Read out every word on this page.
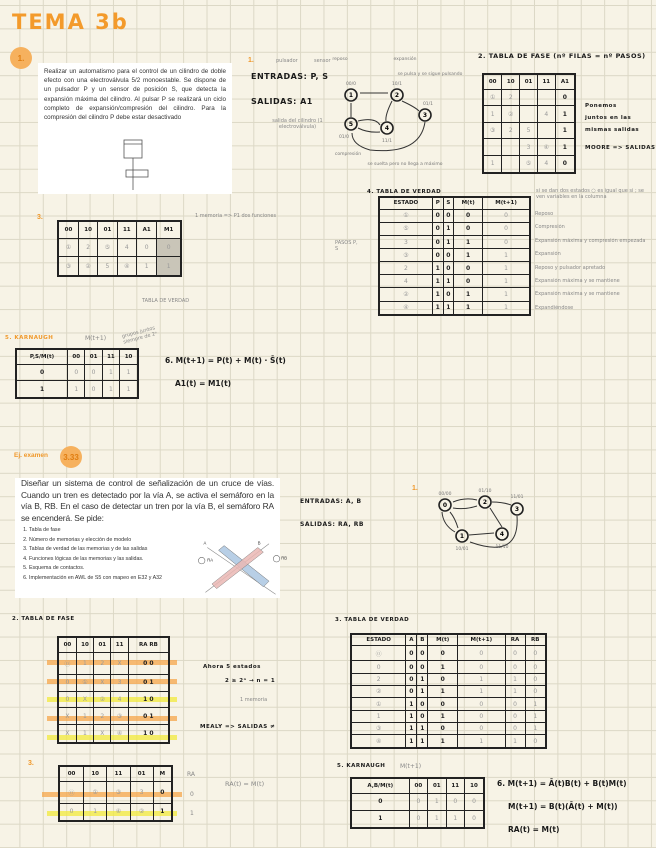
TEMA 3b
1.
Realizar un automatismo para el control de un cilindro de doble efecto con una electroválvula 5/2 monoestable. Se dispone de un pulsador P y un sensor de posición S, que detecta la expansión máxima del cilindro. Al pulsar P se realizará un ciclo completo de expansión/compresión del cilindro. Para la compresión del cilindro P debe estar desactivado
1.
ENTRADAS: P, S
SALIDAS: A1
pulsador	sensor
salida del cilindro (1 electroválvula)
1	2
3
4
5
00/0	10/1
01/1
11/1
01/0
reposo	expansión
compresión
se pulsa y se sigue pulsando
se suelta pero no llega a máximo
2. TABLA DE FASE (nº FILAS = nº PASOS)
00	10	01	11	A1
①	2			0
1	②		4	1
③	2	5		1
		3	④	1
1		⑤	4	0
Ponemos
juntos en las
mismas salidas
MOORE => SALIDAS
3.
00	10	01	11	A1	M1
①	2	⑤	4	0	0
③	②	5	④	1	1
1 memoria => P1 dos funciones
TABLA DE VERDAD
PASOS P, S
4. TABLA DE VERDAD	si se dan dos estados ○ es igual que si ; se ven variables en la columna
ESTADO	P	S	M(t)	M(t+1)
①	0	0	0	0
⑤	0	1	0	0
3	0	1	1	0
③	0	0	1	1
2	1	0	0	1
4	1	1	0	1
②	1	0	1	1
④	1	1	1	1
Reposo
Compresión
Expansión máxima y compresión empezada
Expansión
Reposo y pulsador apretado
Expansión máxima y se mantiene
Expansión máxima y se mantiene
Expandiéndose
5. KARNAUGH	M(t+1)	grupos juntos siempre de 2ⁿ
P,S/M(t)	00	01	11	10
0	0	0	1	1
1	1	0	1	1
6. M(t+1) = P(t) + M(t) · S̄(t)
A1(t) = M1(t)
Ej. examen	3.33
Diseñar un sistema de control de señalización de un cruce de vías. Cuando un tren es detectado por la vía A, se activa el semáforo en la vía B, RB. En el caso de detectar un tren por la vía B, el semáforo RA se encenderá. Se pide:
1. Tabla de fase
2. Número de memorias y elección de modelo
3. Tablas de verdad de las memorias y de las salidas
4. Funciones lógicas de las memorias y las salidas.
5. Esquema de contactos.
6. Implementación en AWL de S5 con mapeo en E32 y A32
A	B
RA	RB
ENTRADAS: A, B
SALIDAS: RA, RB
1.
0	2
3
1	4
00/00
10/01
01/10
11/01
11/10
2. TABLA DE FASE
00	10	01	11	RA RB
⓪	1	2	X	0 0
0	①	X	3	0 1
0	X	②	4	1 0
X	1	2	③	0 1
X	1	X	④	1 0
Ahora 5 estados
2 ≥ 2ⁿ → n = 1
1 memoria
MEALY => SALIDAS ≠
3. TABLA DE VERDAD
ESTADO	A	B	M(t)	M(t+1)	RA	RB
⓪	0	0	0	0	0	0
0	0	0	1	0	0	0
2	0	1	0	1	1	0
②	0	1	1	1	1	0
①	1	0	0	0	0	1
1	1	0	1	0	0	1
③	1	1	0	0	0	1
④	1	1	1	1	1	0
3.
00	10	11	01	M
⓪	①	③	3	0
0	1	④	②	1
RA
0
1
RA(t) = M(t)
5. KARNAUGH M(t+1)
A,B/M(t)	00	01	11	10
0	0	1	0	0
1	0	1	1	0
6. M(t+1) = Ā(t)B(t) + B(t)M(t)
M(t+1) = B(t)(Ā(t) + M(t))
RA(t) = M(t)
